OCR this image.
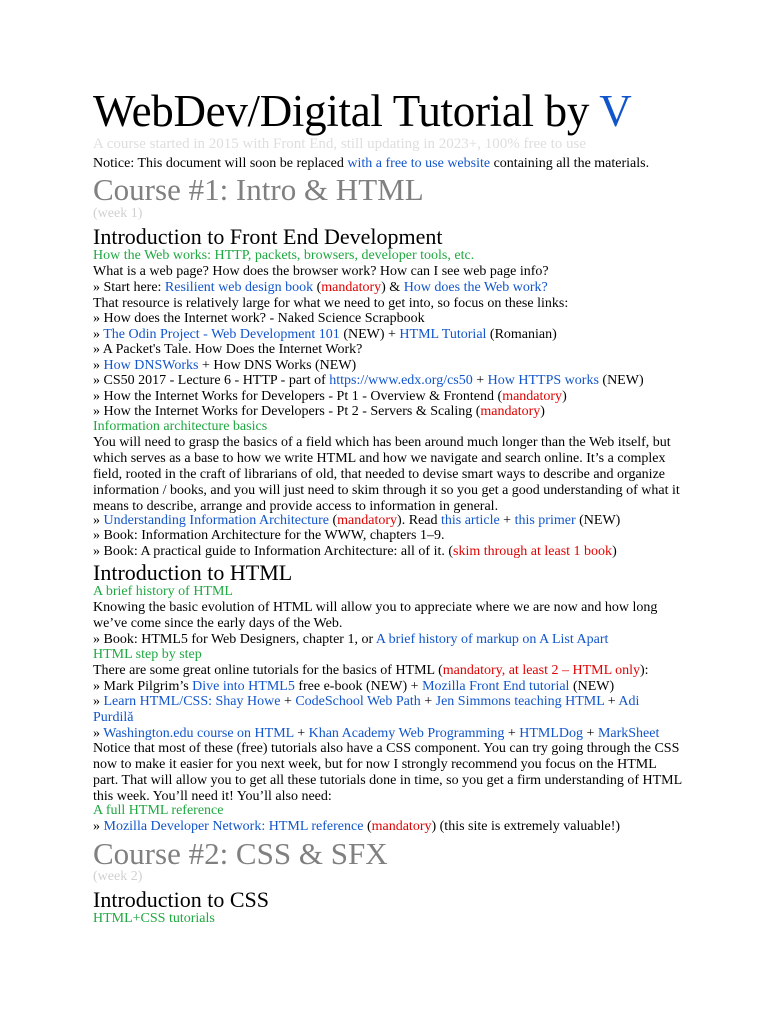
WebDev/Digital Tutorial by V
A course started in 2015 with Front End, still updating in 2023+, 100% free to use
Notice: This document will soon be replaced with a free to use website containing all the materials.
Course #1: Intro & HTML
(week 1)
Introduction to Front End Development
How the Web works: HTTP, packets, browsers, developer tools, etc.
What is a web page? How does the browser work? How can I see web page info?
» Start here: Resilient web design book (mandatory) & How does the Web work?
That resource is relatively large for what we need to get into, so focus on these links:
» How does the Internet work? - Naked Science Scrapbook
» The Odin Project - Web Development 101 (NEW) + HTML Tutorial (Romanian)
» A Packet's Tale. How Does the Internet Work?
» How DNSWorks + How DNS Works (NEW)
» CS50 2017 - Lecture 6 - HTTP - part of https://www.edx.org/cs50 + How HTTPS works (NEW)
» How the Internet Works for Developers - Pt 1 - Overview & Frontend (mandatory)
» How the Internet Works for Developers - Pt 2 - Servers & Scaling (mandatory)
Information architecture basics
You will need to grasp the basics of a field which has been around much longer than the Web itself, but which serves as a base to how we write HTML and how we navigate and search online. It’s a complex field, rooted in the craft of librarians of old, that needed to devise smart ways to describe and organize information / books, and you will just need to skim through it so you get a good understanding of what it means to describe, arrange and provide access to information in general.
» Understanding Information Architecture (mandatory). Read this article + this primer (NEW)
» Book: Information Architecture for the WWW, chapters 1–9.
» Book: A practical guide to Information Architecture: all of it. (skim through at least 1 book)
Introduction to HTML
A brief history of HTML
Knowing the basic evolution of HTML will allow you to appreciate where we are now and how long we’ve come since the early days of the Web.
» Book: HTML5 for Web Designers, chapter 1, or A brief history of markup on A List Apart
HTML step by step
There are some great online tutorials for the basics of HTML (mandatory, at least 2 – HTML only):
» Mark Pilgrim’s Dive into HTML5 free e-book (NEW) + Mozilla Front End tutorial (NEW)
» Learn HTML/CSS: Shay Howe + CodeSchool Web Path + Jen Simmons teaching HTML + Adi
Purdilă
» Washington.edu course on HTML + Khan Academy Web Programming + HTMLDog + MarkSheet
Notice that most of these (free) tutorials also have a CSS component. You can try going through the CSS now to make it easier for you next week, but for now I strongly recommend you focus on the HTML part. That will allow you to get all these tutorials done in time, so you get a firm understanding of HTML this week. You’ll need it! You’ll also need:
A full HTML reference
» Mozilla Developer Network: HTML reference (mandatory) (this site is extremely valuable!)
Course #2: CSS & SFX
(week 2)
Introduction to CSS
HTML+CSS tutorials
